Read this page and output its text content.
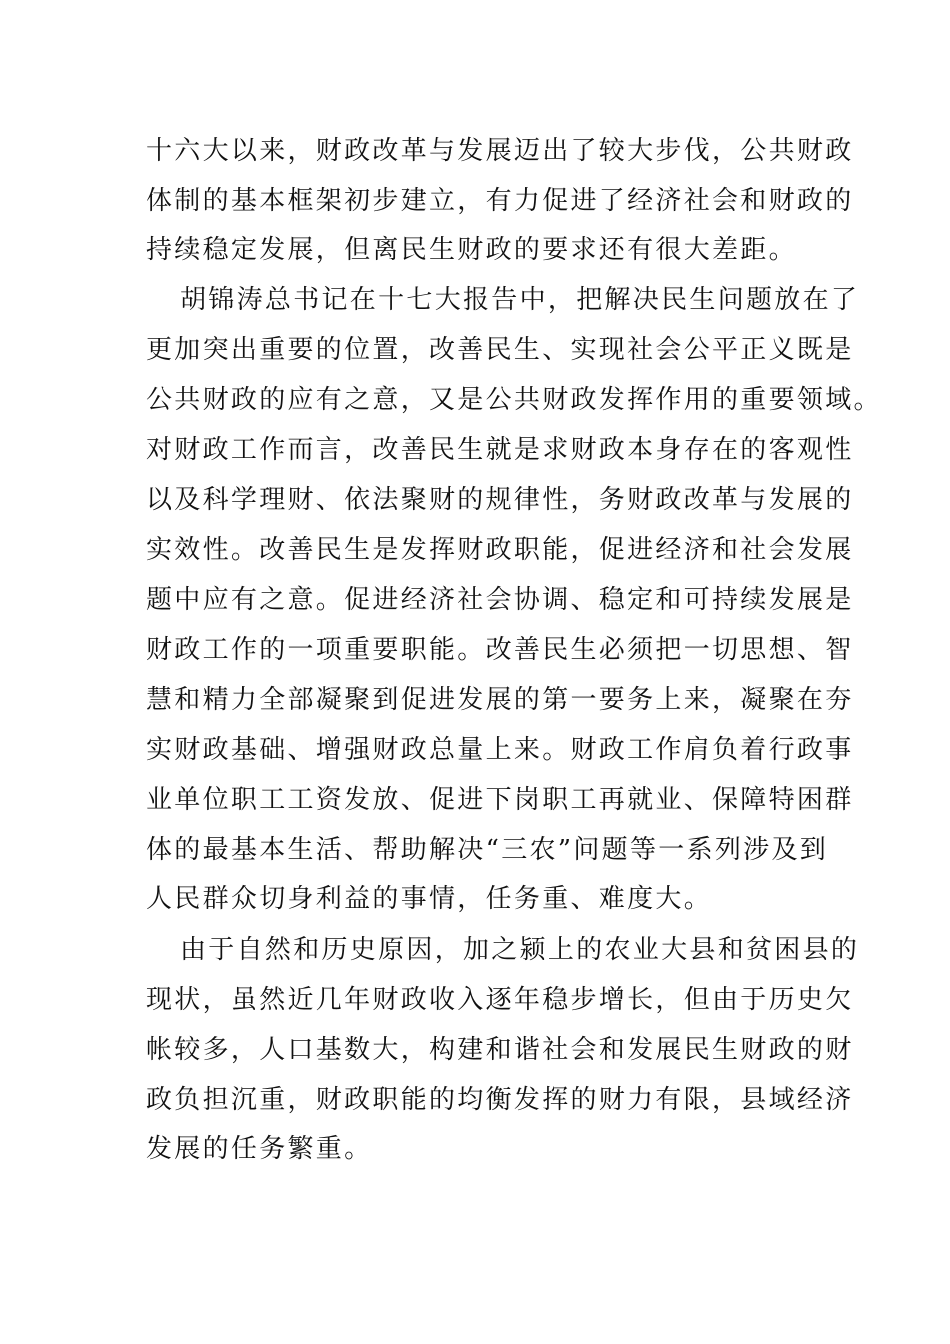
十六大以来，财政改革与发展迈出了较大步伐，公共财政
体制的基本框架初步建立，有力促进了经济社会和财政的
持续稳定发展，但离民生财政的要求还有很大差距。
胡锦涛总书记在十七大报告中，把解决民生问题放在了
更加突出重要的位置，改善民生、实现社会公平正义既是
公共财政的应有之意，又是公共财政发挥作用的重要领域。
对财政工作而言，改善民生就是求财政本身存在的客观性
以及科学理财、依法聚财的规律性，务财政改革与发展的
实效性。改善民生是发挥财政职能，促进经济和社会发展
题中应有之意。促进经济社会协调、稳定和可持续发展是
财政工作的一项重要职能。改善民生必须把一切思想、智
慧和精力全部凝聚到促进发展的第一要务上来，凝聚在夯
实财政基础、增强财政总量上来。财政工作肩负着行政事
业单位职工工资发放、促进下岗职工再就业、保障特困群
体的最基本生活、帮助解决“三农”问题等一系列涉及到
人民群众切身利益的事情，任务重、难度大。
由于自然和历史原因，加之颍上的农业大县和贫困县的
现状，虽然近几年财政收入逐年稳步增长，但由于历史欠
帐较多，人口基数大，构建和谐社会和发展民生财政的财
政负担沉重，财政职能的均衡发挥的财力有限，县域经济
发展的任务繁重。
